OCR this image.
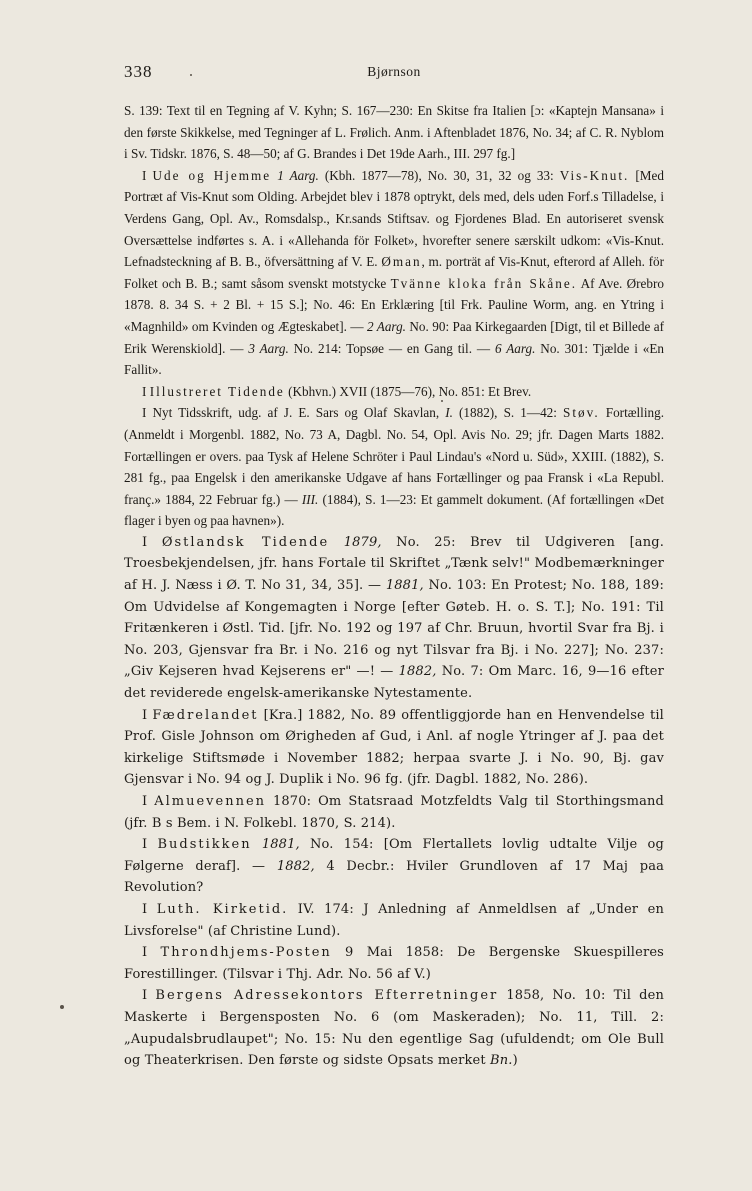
338	Bjørnson

S. 139: Text til en Tegning af V. Kyhn; S. 167—230: En Skitse fra Italien [ɔ: «Kaptejn Mansana» i den første Skikkelse, med Tegninger af L. Frølich. Anm. i Aftenbladet 1876, No. 34; af C. R. Nyblom i Sv. Tidskr. 1876, S. 48—50; af G. Brandes i Det 19de Aarh., III. 297 fg.]

I Ude og Hjemme 1 Aarg. (Kbh. 1877—78), No. 30, 31, 32 og 33: Vis-Knut. [Med Portræt af Vis-Knut som Olding. Arbejdet blev i 1878 optrykt, dels med, dels uden Forf.s Tilladelse, i Verdens Gang, Opl. Av., Romsdalsp., Kr.sands Stiftsav. og Fjordenes Blad. En autoriseret svensk Oversættelse indførtes s. A. i «Allehanda för Folket», hvorefter senere særskilt udkom: «Vis-Knut. Lefnadsteckning af B. B., öfversättning af V. E. Øman, m. porträt af Vis-Knut, efterord af Alleh. för Folket och B. B.; samt såsom svenskt motstycke Tvänne kloka från Skåne. Af Ave. Ørebro 1878. 8. 34 S. + 2 Bl. + 15 S.]; No. 46: En Erklæring [til Frk. Pauline Worm, ang. en Ytring i «Magnhild» om Kvinden og Ægteskabet]. — 2 Aarg. No. 90: Paa Kirkegaarden [Digt, til et Billede af Erik Werenskiold]. — 3 Aarg. No. 214: Topsøe — en Gang til. — 6 Aarg. No. 301: Tjælde i «En Fallit».

I Illustreret Tidende (Kbhvn.) XVII (1875—76), No. 851: Et Brev.

I Nyt Tidsskrift, udg. af J. E. Sars og Olaf Skavlan, I. (1882), S. 1—42: Støv. Fortælling. (Anmeldt i Morgenbl. 1882, No. 73 A, Dagbl. No. 54, Opl. Avis No. 29; jfr. Dagen Marts 1882. Fortællingen er overs. paa Tysk af Helene Schröter i Paul Lindau's «Nord u. Süd», XXIII. (1882), S. 281 fg., paa Engelsk i den amerikanske Udgave af hans Fortællinger og paa Fransk i «La Republ. franç.» 1884, 22 Februar fg.) — III. (1884), S. 1—23: Et gammelt dokument. (Af fortællingen «Det flager i byen og paa havnen»).

I Østlandsk Tidende 1879, No. 25: Brev til Udgiveren [ang. Troesbekjendelsen, jfr. hans Fortale til Skriftet „Tænk selv!" Modbemærkninger af H. J. Næss i Ø. T. No 31, 34, 35]. — 1881, No. 103: En Protest; No. 188, 189: Om Udvidelse af Kongemagten i Norge [efter Gøteb. H. o. S. T.]; No. 191: Til Fritænkeren i Østl. Tid. [jfr. No. 192 og 197 af Chr. Bruun, hvortil Svar fra Bj. i No. 203, Gjensvar fra Br. i No. 216 og nyt Tilsvar fra Bj. i No. 227]; No. 237: „Giv Kejseren hvad Kejserens er" —! — 1882, No. 7: Om Marc. 16, 9—16 efter det reviderede engelsk-amerikanske Nytestamente.

I Fædrelandet [Kra.] 1882, No. 89 offentliggjorde han en Henvendelse til Prof. Gisle Johnson om Ørigheden af Gud, i Anl. af nogle Ytringer af J. paa det kirkelige Stiftsmøde i November 1882; herpaa svarte J. i No. 90, Bj. gav Gjensvar i No. 94 og J. Duplik i No. 96 fg. (jfr. Dagbl. 1882, No. 286).

I Almuevennen 1870: Om Statsraad Motzfeldts Valg til Storthingsmand (jfr. B s Bem. i N. Folkebl. 1870, S. 214).

I Budstikken 1881, No. 154: [Om Flertallets lovlig udtalte Vilje og Følgerne deraf]. — 1882, 4 Decbr.: Hviler Grundloven af 17 Maj paa Revolution?

I Luth. Kirketid. IV. 174: J Anledning af Anmeldlsen af „Under en Livsforelse" (af Christine Lund).

I Throndhjems-Posten 9 Mai 1858: De Bergenske Skuespilleres Forestillinger. (Tilsvar i Thj. Adr. No. 56 af V.)

I Bergens Adressekontors Efterretninger 1858, No. 10: Til den Maskerte i Bergensposten No. 6 (om Maskeraden); No. 11, Till. 2: „Aupudalsbrudlaupet"; No. 15: Nu den egentlige Sag (ufuldendt; om Ole Bull og Theaterkrisen. Den første og sidste Opsats merket Bn.)
